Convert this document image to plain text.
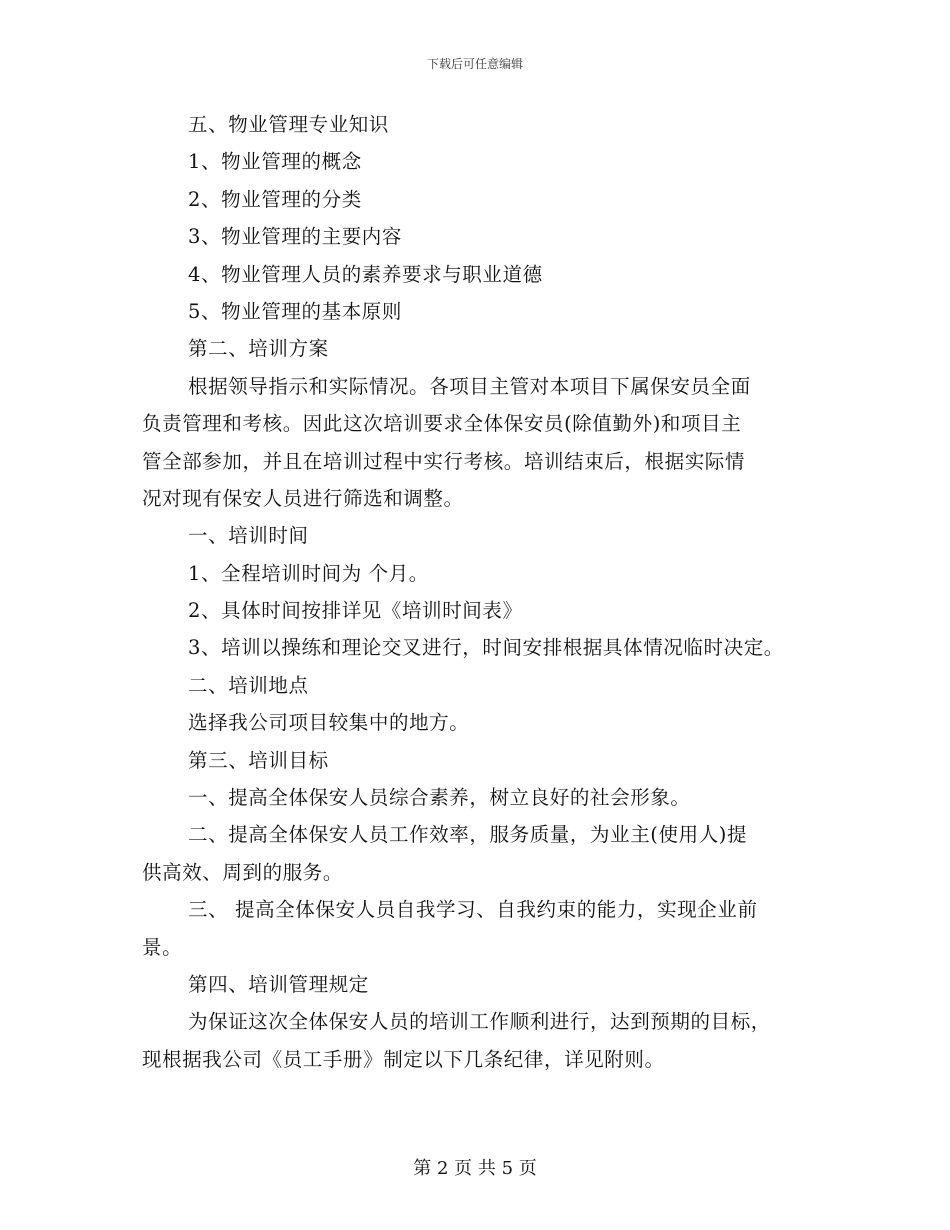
下载后可任意编辑
五、物业管理专业知识
1、物业管理的概念
2、物业管理的分类
3、物业管理的主要内容
4、物业管理人员的素养要求与职业道德
5、物业管理的基本原则
第二、培训方案
根据领导指示和实际情况。各项目主管对本项目下属保安员全面
负责管理和考核。因此这次培训要求全体保安员(除值勤外)和项目主
管全部参加，并且在培训过程中实行考核。培训结束后，根据实际情
况对现有保安人员进行筛选和调整。
一、培训时间
1、全程培训时间为 个月。
2、具体时间按排详见《培训时间表》
3、培训以操练和理论交叉进行，时间安排根据具体情况临时决定。
二、培训地点
选择我公司项目较集中的地方。
第三、培训目标
一、提高全体保安人员综合素养，树立良好的社会形象。
二、提高全体保安人员工作效率，服务质量，为业主(使用人)提
供高效、周到的服务。
三、 提高全体保安人员自我学习、自我约束的能力，实现企业前
景。
第四、培训管理规定
为保证这次全体保安人员的培训工作顺利进行，达到预期的目标，
现根据我公司《员工手册》制定以下几条纪律，详见附则。
第 2 页 共 5 页
